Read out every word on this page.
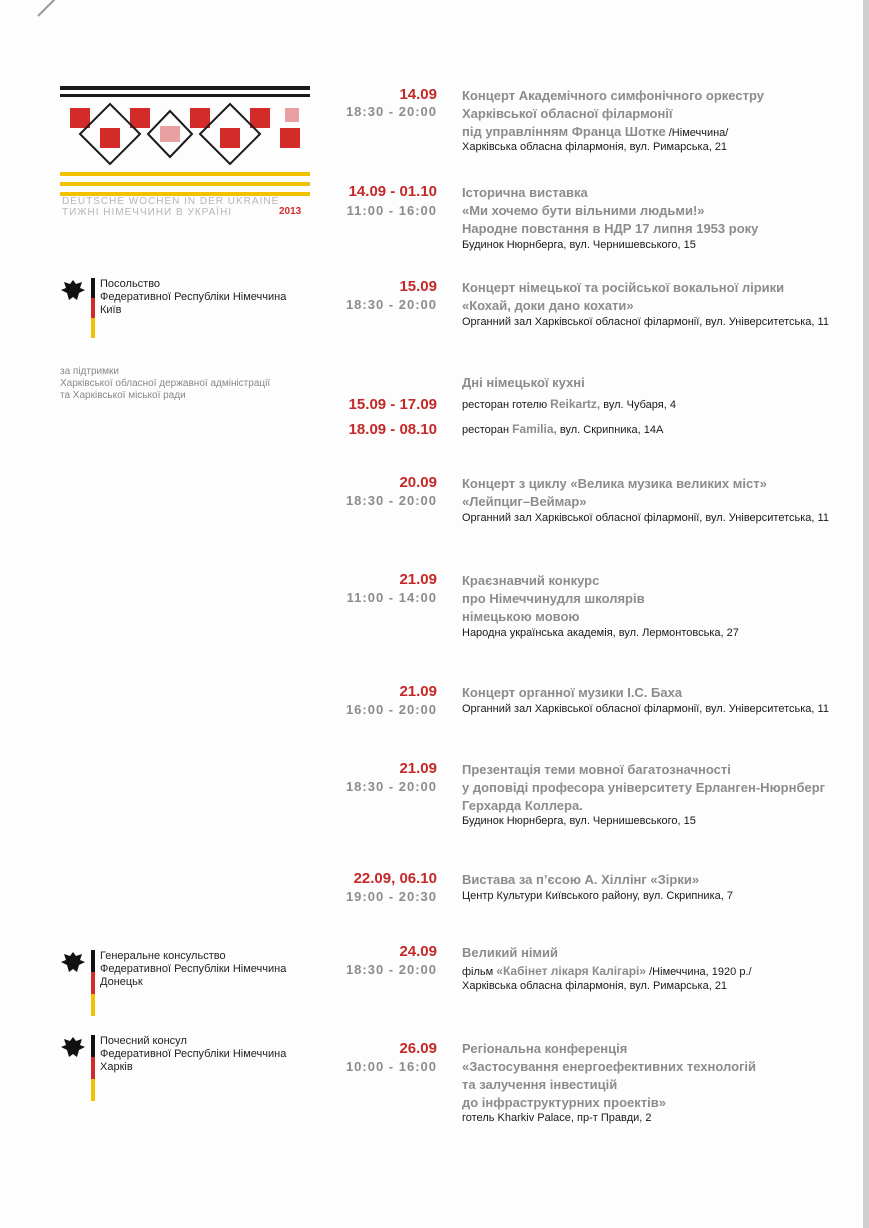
DEUTSCHE WOCHEN IN DER UKRAINE
ТИЖНІ НІМЕЧЧИНИ В УКРАЇНІ	2013
Посольство
Федеративної Республіки Німеччина
Київ
за підтримки
Харківської обласної державної адміністрації
та Харківської міської ради
Генеральне консульство
Федеративної Республіки Німеччина
Донецьк
Почесний консул
Федеративної Республіки Німеччина
Харків
14.09
18:30 - 20:00
Концерт Академічного симфонічного оркестру
Харківської обласної філармонії
під управлінням Франца Шотке /Німеччина/
Харківська обласна філармонія, вул. Римарська, 21
14.09 - 01.10
11:00 - 16:00
Історична виставка
«Ми хочемо бути вільними людьми!»
Народне повстання в НДР 17 липня 1953 року
Будинок Нюрнберга, вул. Чернишевського, 15
15.09
18:30 - 20:00
Концерт німецької та російської вокальної лірики
«Кохай, доки дано кохати»
Органний зал Харківської обласної філармонії, вул. Університетська, 11
Дні німецької кухні
15.09 - 17.09 ресторан готелю Reikartz, вул. Чубаря, 4
18.09 - 08.10 ресторан Familia, вул. Скрипника, 14А
20.09
18:30 - 20:00
Концерт з циклу «Велика музика великих міст»
«Лейпциг–Веймар»
Органний зал Харківської обласної філармонії, вул. Університетська, 11
21.09
11:00 - 14:00
Краєзнавчий конкурс
про Німеччинудля школярів
німецькою мовою
Народна українська академія, вул. Лермонтовська, 27
21.09
16:00 - 20:00
Концерт органної музики І.С. Баха
Органний зал Харківської обласної філармонії, вул. Університетська, 11
21.09
18:30 - 20:00
Презентація теми мовної багатозначності
у доповіді професора університету Ерланген-Нюрнберг
Герхарда Коллера.
Будинок Нюрнберга, вул. Чернишевського, 15
22.09, 06.10
19:00 - 20:30
Вистава за п’єсою А. Хіллінг «Зірки»
Центр Культури Київського району, вул. Скрипника, 7
24.09
18:30 - 20:00
Великий німий
фільм «Кабінет лікаря Калігарі» /Німеччина, 1920 р./
Харківська обласна філармонія, вул. Римарська, 21
26.09
10:00 - 16:00
Регіональна конференція
«Застосування енергоефективних технологій
та залучення інвестицій
до інфраструктурних проектів»
готель Kharkiv Palace, пр-т Правди, 2
